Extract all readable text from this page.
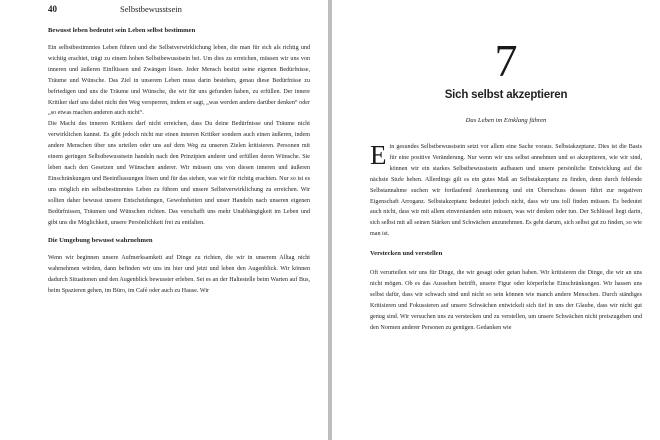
40	Selbstbewusstsein
Bewusst leben bedeutet sein Leben selbst bestimmen

Ein selbstbestimmtes Leben führen und die Selbstverwirklichung leben, die man für sich als richtig und wichtig erachtet, trägt zu einem hohen Selbstbewusstsein bei. Um dies zu erreichen, müssen wir uns von inneren und äußeren Einflüssen und Zwängen lösen. Jeder Mensch besitzt seine eigenen Bedürfnisse, Träume und Wünsche. Das Ziel in unserem Leben muss darin bestehen, genau diese Bedürfnisse zu befriedigen und uns die Träume und Wünsche, die wir für uns gefunden haben, zu erfüllen. Der innere Kritiker darf uns dabei nicht den Weg versperren, indem er sagt, „was werden andere darüber denken“ oder „so etwas machen anderen auch nicht“.

Die Macht des inneren Kritikers darf nicht erreichen, dass Du deine Bedürfnisse und Träume nicht verwirklichen kannst. Es gibt jedoch nicht nur einen inneren Kritiker sondern auch einen äußeren, indem andere Menschen über uns urteilen oder uns auf dem Weg zu unseren Zielen kritisieren. Personen mit einem geringen Selbstbewusstsein handeln nach den Prinzipien anderer und erfüllen deren Wünsche. Sie leben nach den Gesetzen und Wünschen anderer. Wir müssen uns von diesen inneren und äußeren Einschränkungen und Beeinflussungen lösen und für das stehen, was wir für richtig erachten. Nur so ist es uns möglich ein selbstbestimmtes Leben zu führen und unsere Selbstverwirklichung zu erreichen. Wir sollten daher bewusst unsere Entscheidungen, Gewohnheiten und unser Handeln nach unseren eigenen Bedürfnissen, Träumen und Wünschen richten. Das verschafft uns mehr Unabhängigkeit im Leben und gibt uns die Möglichkeit, unsere Persönlichkeit frei zu entfalten.

Die Umgebung bewusst wahrnehmen

Wenn wir beginnen unsere Aufmerksamkeit auf Dinge zu richten, die wir in unserem Alltag nicht wahrnehmen würden, dann befinden wir uns im hier und jetzt und leben den Augenblick. Wir können dadurch Situationen und den Augenblick bewusster erleben. Sei es an der Haltestelle beim Warten auf Bus, beim Spazieren gehen, im Büro, im Café oder auch zu Hause. Wir

7
Sich selbst akzeptieren
Das Leben im Einklang führen

Ein gesundes Selbstbewusstsein setzt vor allem eine Sache voraus. Selbstakzeptanz. Dies ist die Basis für eine positive Veränderung. Nur wenn wir uns selbst annehmen und so akzeptieren, wie wir sind, können wir ein starkes Selbstbewusstsein aufbauen und unsere persönliche Entwicklung auf die nächste Stufe heben. Allerdings gilt es ein gutes Maß an Selbstakzeptanz zu finden, denn durch fehlende Selbstannahme suchen wir fortlaufend Anerkennung und ein Überschuss dessen führt zur negativen Eigenschaft Arroganz. Selbstakzeptanz bedeutet jedoch nicht, dass wir uns toll finden müssen. Es bedeutet auch nicht, dass wir mit allem einverstanden sein müssen, was wir denken oder tun. Der Schlüssel liegt darin, sich selbst mit all seinen Stärken und Schwächen anzunehmen. Es geht darum, sich selbst gut zu finden, so wie man ist.

Verstecken und verstellen

Oft verurteilen wir uns für Dinge, die wir gesagt oder getan haben. Wir kritisieren die Dinge, die wir an uns nicht mögen. Ob es das Aussehen betrifft, unsere Figur oder körperliche Einschränkungen. Wir hassen uns selbst dafür, dass wir schwach sind und nicht so sein können wie manch andere Menschen. Durch ständiges Kritisieren und Fokussieren auf unsere Schwächen entwickelt sich tief in uns der Glaube, dass wir nicht gut genug sind. Wir versuchen uns zu verstecken und zu verstellen, um unsere Schwächen nicht preiszugeben und den Normen anderer Personen zu genügen. Gedanken wie
